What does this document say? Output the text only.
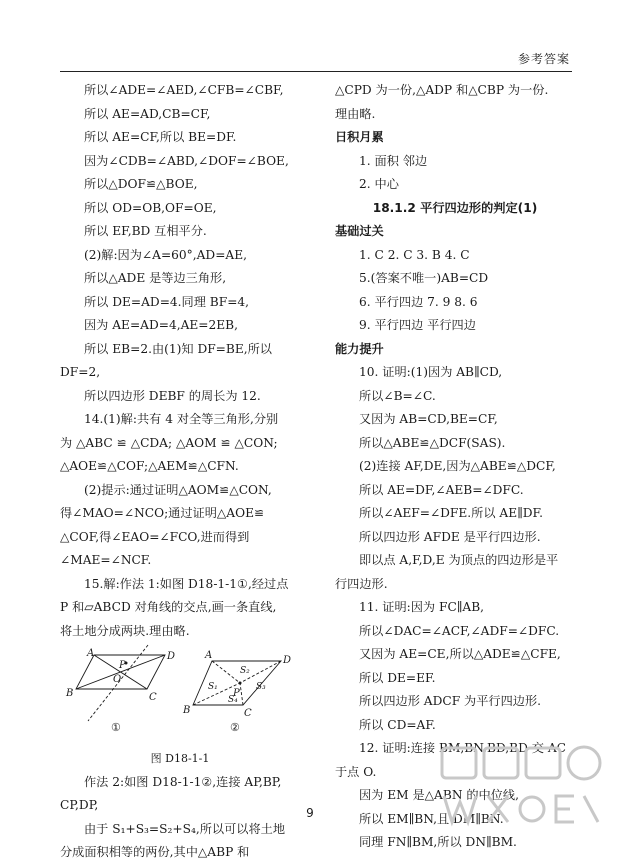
参考答案
所以∠ADE=∠AED,∠CFB=∠CBF,
所以 AE=AD,CB=CF,
所以 AE=CF,所以 BE=DF.
因为∠CDB=∠ABD,∠DOF=∠BOE,
所以△DOF≌△BOE,
所以 OD=OB,OF=OE,
所以 EF,BD 互相平分.
(2)解:因为∠A=60°,AD=AE,
所以△ADE 是等边三角形,
所以 DE=AD=4.同理 BF=4,
因为 AE=AD=4,AE=2EB,
所以 EB=2.由(1)知 DF=BE,所以
DF=2,
所以四边形 DEBF 的周长为 12.
14.(1)解:共有 4 对全等三角形,分别
为 △ABC ≌ △CDA; △AOM ≌ △CON;
△AOE≌△COF;△AEM≌△CFN.
(2)提示:通过证明△AOM≌△CON,
得∠MAO=∠NCO;通过证明△AOE≌
△COF,得∠EAO=∠FCO,进而得到
∠MAE=∠NCF.
15.解:作法 1:如图 D18-1-1①,经过点
P 和▱ABCD 对角线的交点,画一条直线,
将土地分成两块.理由略.
A
B	C
D
P
O
①
A
B	C
D
P
S₁
S₂
S₃
S₄
②
图 D18-1-1
作法 2:如图 D18-1-1②,连接 AP,BP,
CP,DP,
由于 S₁+S₃=S₂+S₄,所以可以将土地
分成面积相等的两份,其中△ABP 和
△CPD 为一份,△ADP 和△CBP 为一份.
理由略.
日积月累
1. 面积 邻边
2. 中心
18.1.2 平行四边形的判定(1)
基础过关
1. C 2. C 3. B 4. C
5.(答案不唯一)AB=CD
6. 平行四边 7. 9 8. 6
9. 平行四边 平行四边
能力提升
10. 证明:(1)因为 AB∥CD,
所以∠B=∠C.
又因为 AB=CD,BE=CF,
所以△ABE≌△DCF(SAS).
(2)连接 AF,DE,因为△ABE≌△DCF,
所以 AE=DF,∠AEB=∠DFC.
所以∠AEF=∠DFE.所以 AE∥DF.
所以四边形 AFDE 是平行四边形.
即以点 A,F,D,E 为顶点的四边形是平
行四边形.
11. 证明:因为 FC∥AB,
所以∠DAC=∠ACF,∠ADF=∠DFC.
又因为 AE=CE,所以△ADE≌△CFE,
所以 DE=EF.
所以四边形 ADCF 为平行四边形.
所以 CD=AF.
12. 证明:连接 BM,BN,BD,BD 交 AC
于点 O.
因为 EM 是△ABN 的中位线,
所以 EM∥BN,且 DM∥BN.
同理 FN∥BM,所以 DN∥BM.
9
